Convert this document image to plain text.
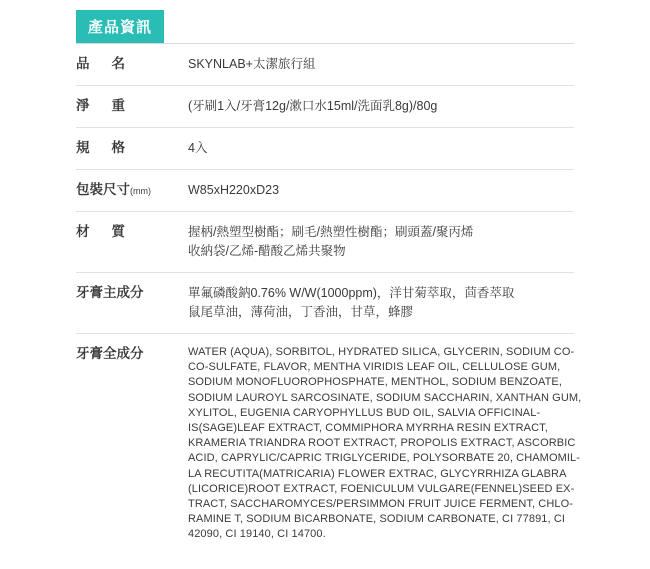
產品資訊
品名	SKYNLAB+太潔旅行組
淨重	(牙刷1入/牙膏12g/漱口水15ml/洗面乳8g)/80g
規格	4入
包裝尺寸(mm)	W85xH220xD23
材質	握柄/熱塑型樹酯；刷毛/熱塑性樹酯；刷頭蓋/聚丙烯
收納袋/乙烯-醋酸乙烯共聚物
牙膏主成分	單氟磷酸鈉0.76% W/W(1000ppm)，洋甘菊萃取，茴香萃取
鼠尾草油，薄荷油，丁香油，甘草，蜂膠
牙膏全成分	WATER (AQUA), SORBITOL, HYDRATED SILICA, GLYCERIN, SODIUM CO-
CO-SULFATE, FLAVOR, MENTHA VIRIDIS LEAF OIL, CELLULOSE GUM,
SODIUM MONOFLUOROPHOSPHATE, MENTHOL, SODIUM BENZOATE,
SODIUM LAUROYL SARCOSINATE, SODIUM SACCHARIN, XANTHAN GUM,
XYLITOL, EUGENIA CARYOPHYLLUS BUD OIL, SALVIA OFFICINAL-
IS(SAGE)LEAF EXTRACT, COMMIPHORA MYRRHA RESIN EXTRACT,
KRAMERIA TRIANDRA ROOT EXTRACT, PROPOLIS EXTRACT, ASCORBIC
ACID, CAPRYLIC/CAPRIC TRIGLYCERIDE, POLYSORBATE 20, CHAMOMIL-
LA RECUTITA(MATRICARIA) FLOWER EXTRAC, GLYCYRRHIZA GLABRA
(LICORICE)ROOT EXTRACT, FOENICULUM VULGARE(FENNEL)SEED EX-
TRACT, SACCHAROMYCES/PERSIMMON FRUIT JUICE FERMENT, CHLO-
RAMINE T, SODIUM BICARBONATE, SODIUM CARBONATE, CI 77891, CI
42090, CI 19140, CI 14700.
